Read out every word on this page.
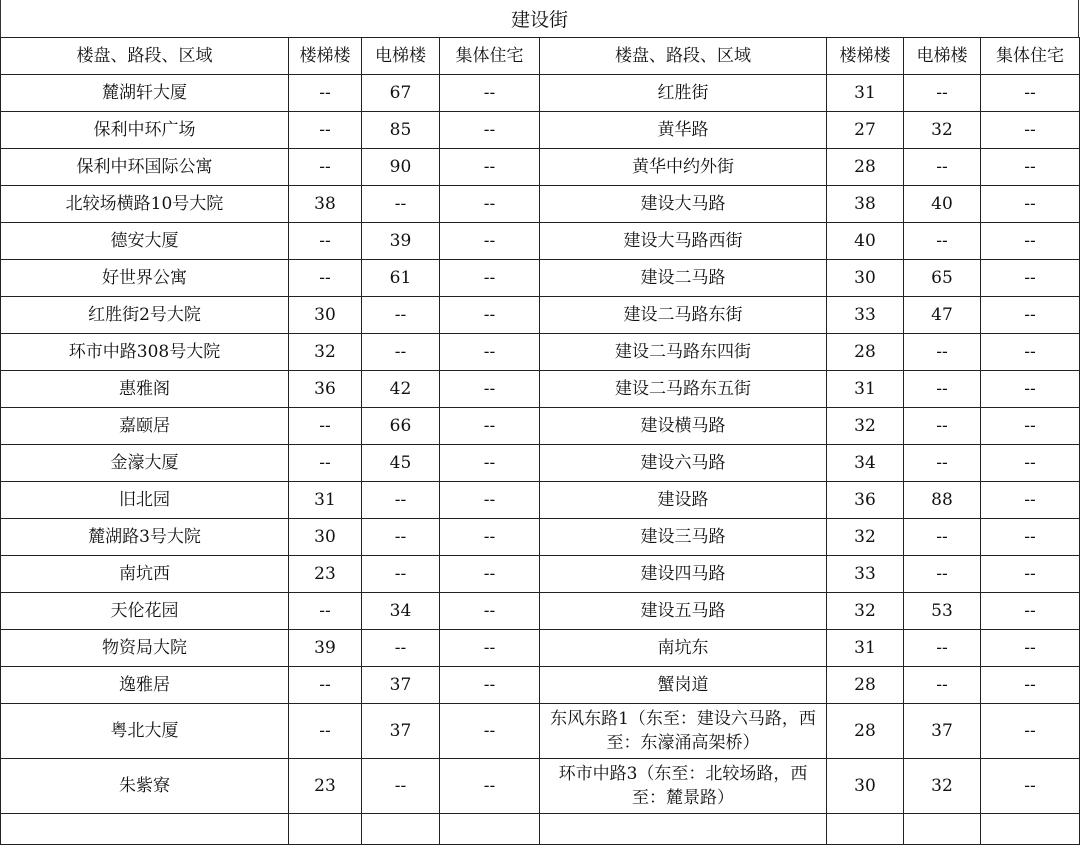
建设街
楼盘、路段、区域	楼梯楼	电梯楼	集体住宅	楼盘、路段、区域	楼梯楼	电梯楼	集体住宅
麓湖轩大厦	--	67	--	红胜街	31	--	--
保利中环广场	--	85	--	黄华路	27	32	--
保利中环国际公寓	--	90	--	黄华中约外街	28	--	--
北较场横路10号大院	38	--	--	建设大马路	38	40	--
德安大厦	--	39	--	建设大马路西街	40	--	--
好世界公寓	--	61	--	建设二马路	30	65	--
红胜街2号大院	30	--	--	建设二马路东街	33	47	--
环市中路308号大院	32	--	--	建设二马路东四街	28	--	--
惠雅阁	36	42	--	建设二马路东五街	31	--	--
嘉颐居	--	66	--	建设横马路	32	--	--
金濠大厦	--	45	--	建设六马路	34	--	--
旧北园	31	--	--	建设路	36	88	--
麓湖路3号大院	30	--	--	建设三马路	32	--	--
南坑西	23	--	--	建设四马路	33	--	--
天伦花园	--	34	--	建设五马路	32	53	--
物资局大院	39	--	--	南坑东	31	--	--
逸雅居	--	37	--	蟹岗道	28	--	--
粤北大厦	--	37	--	东风东路1（东至：建设六马路，西至：东濠涌高架桥）	28	37	--
朱紫寮	23	--	--	环市中路3（东至：北较场路，西至：麓景路）	30	32	--
